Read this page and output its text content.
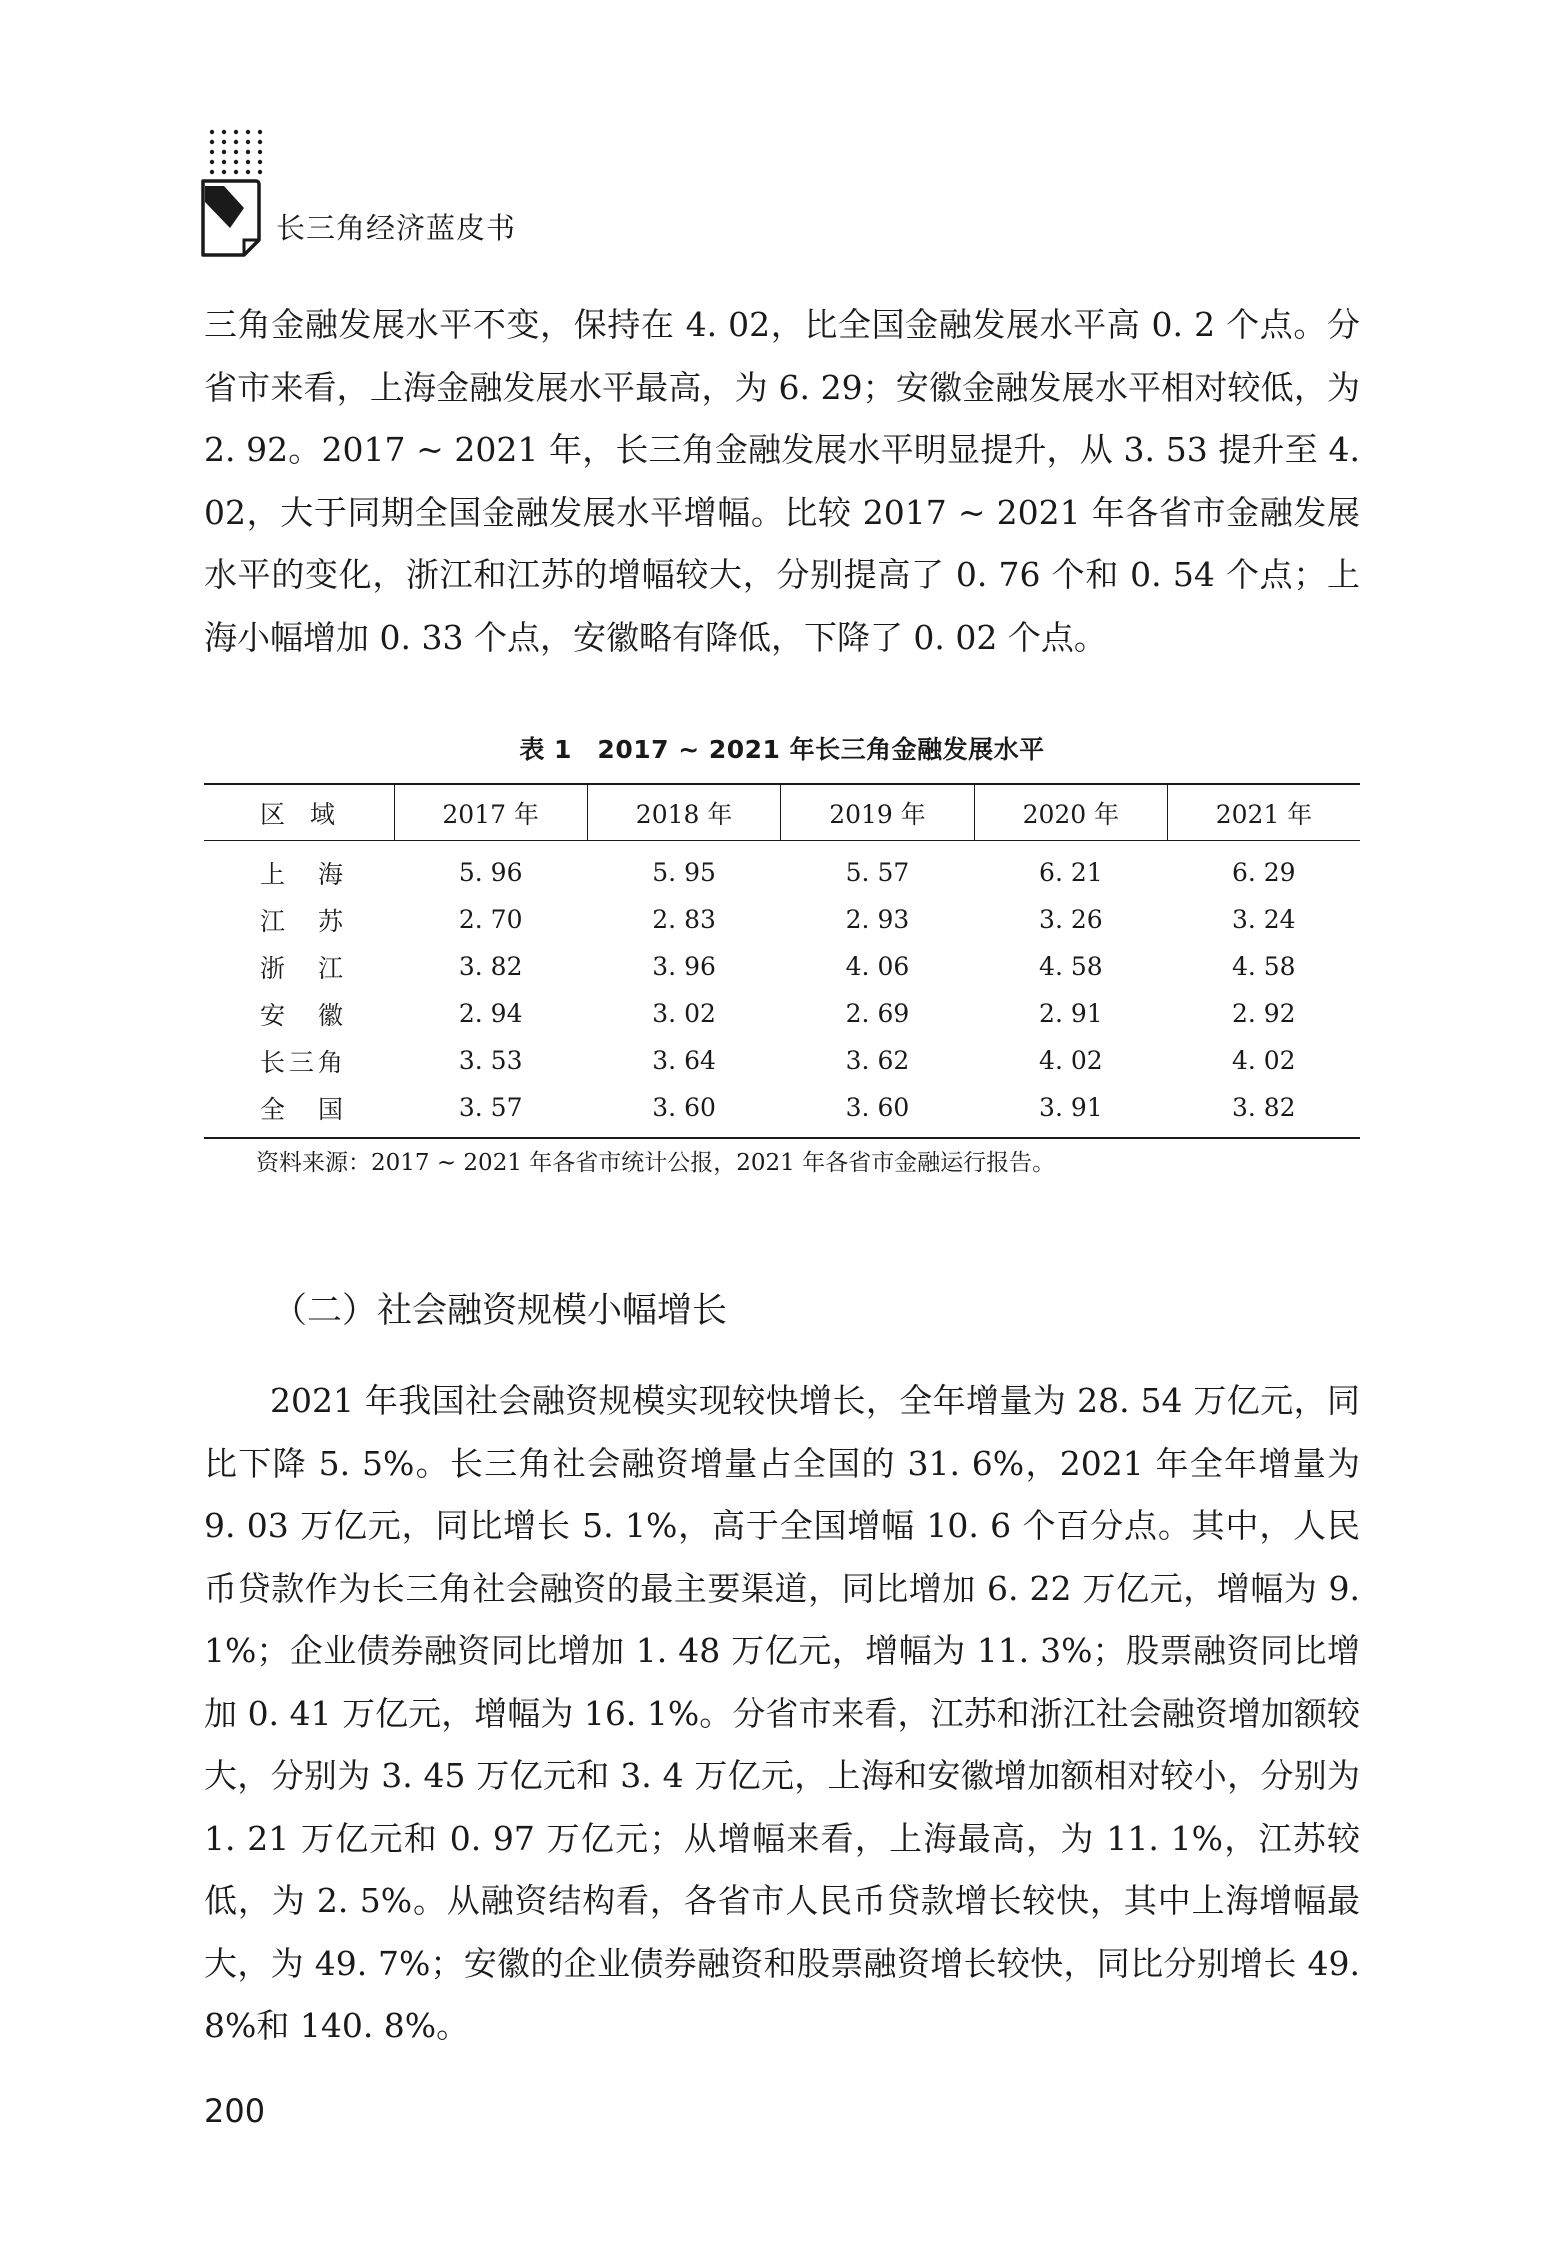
长三角经济蓝皮书

三角金融发展水平不变，保持在 4. 02，比全国金融发展水平高 0. 2 个点。分省市来看，上海金融发展水平最高，为 6. 29；安徽金融发展水平相对较低，为 2. 92。2017 ~ 2021 年，长三角金融发展水平明显提升，从 3. 53 提升至 4. 02，大于同期全国金融发展水平增幅。比较 2017 ~ 2021 年各省市金融发展水平的变化，浙江和江苏的增幅较大，分别提高了 0. 76 个和 0. 54 个点；上海小幅增加 0. 33 个点，安徽略有降低，下降了 0. 02 个点。

表 1　2017 ~ 2021 年长三角金融发展水平
区　域	2017 年	2018 年	2019 年	2020 年	2021 年
上　海	5. 96	5. 95	5. 57	6. 21	6. 29
江　苏	2. 70	2. 83	2. 93	3. 26	3. 24
浙　江	3. 82	3. 96	4. 06	4. 58	4. 58
安　徽	2. 94	3. 02	2. 69	2. 91	2. 92
长三角	3. 53	3. 64	3. 62	4. 02	4. 02
全　国	3. 57	3. 60	3. 60	3. 91	3. 82
资料来源：2017 ~ 2021 年各省市统计公报，2021 年各省市金融运行报告。
（二）社会融资规模小幅增长

2021 年我国社会融资规模实现较快增长，全年增量为 28. 54 万亿元，同比下降 5. 5%。长三角社会融资增量占全国的 31. 6%，2021 年全年增量为 9. 03 万亿元，同比增长 5. 1%，高于全国增幅 10. 6 个百分点。其中，人民币贷款作为长三角社会融资的最主要渠道，同比增加 6. 22 万亿元，增幅为 9. 1%；企业债券融资同比增加 1. 48 万亿元，增幅为 11. 3%；股票融资同比增加 0. 41 万亿元，增幅为 16. 1%。分省市来看，江苏和浙江社会融资增加额较大，分别为 3. 45 万亿元和 3. 4 万亿元，上海和安徽增加额相对较小，分别为 1. 21 万亿元和 0. 97 万亿元；从增幅来看，上海最高，为 11. 1%，江苏较低，为 2. 5%。从融资结构看，各省市人民币贷款增长较快，其中上海增幅最大，为 49. 7%；安徽的企业债券融资和股票融资增长较快，同比分别增长 49. 8%和 140. 8%。

200
